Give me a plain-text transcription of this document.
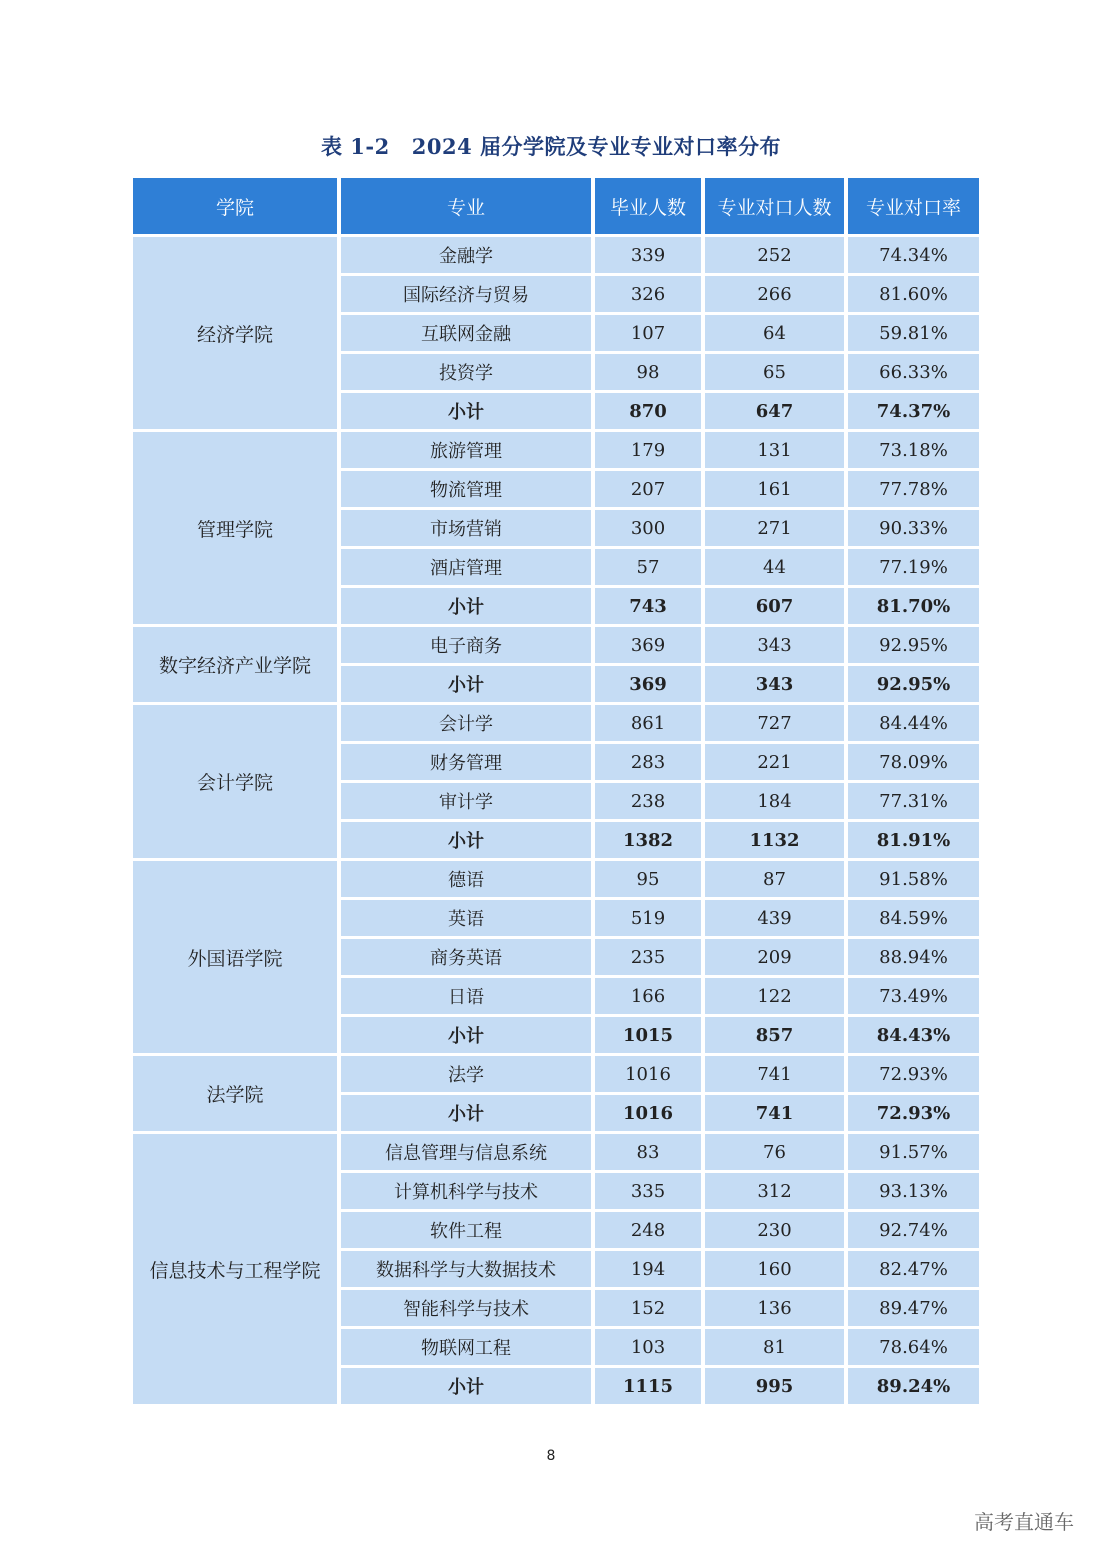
表 1-2 2024 届分学院及专业专业对口率分布
学院	专业	毕业人数	专业对口人数	专业对口率
经济学院	金融学	339	252	74.34%
	国际经济与贸易	326	266	81.60%
	互联网金融	107	64	59.81%
	投资学	98	65	66.33%
	小计	870	647	74.37%
管理学院	旅游管理	179	131	73.18%
	物流管理	207	161	77.78%
	市场营销	300	271	90.33%
	酒店管理	57	44	77.19%
	小计	743	607	81.70%
数字经济产业学院	电子商务	369	343	92.95%
	小计	369	343	92.95%
会计学院	会计学	861	727	84.44%
	财务管理	283	221	78.09%
	审计学	238	184	77.31%
	小计	1382	1132	81.91%
外国语学院	德语	95	87	91.58%
	英语	519	439	84.59%
	商务英语	235	209	88.94%
	日语	166	122	73.49%
	小计	1015	857	84.43%
法学院	法学	1016	741	72.93%
	小计	1016	741	72.93%
信息技术与工程学院	信息管理与信息系统	83	76	91.57%
	计算机科学与技术	335	312	93.13%
	软件工程	248	230	92.74%
	数据科学与大数据技术	194	160	82.47%
	智能科学与技术	152	136	89.47%
	物联网工程	103	81	78.64%
	小计	1115	995	89.24%
8
高考直通车
